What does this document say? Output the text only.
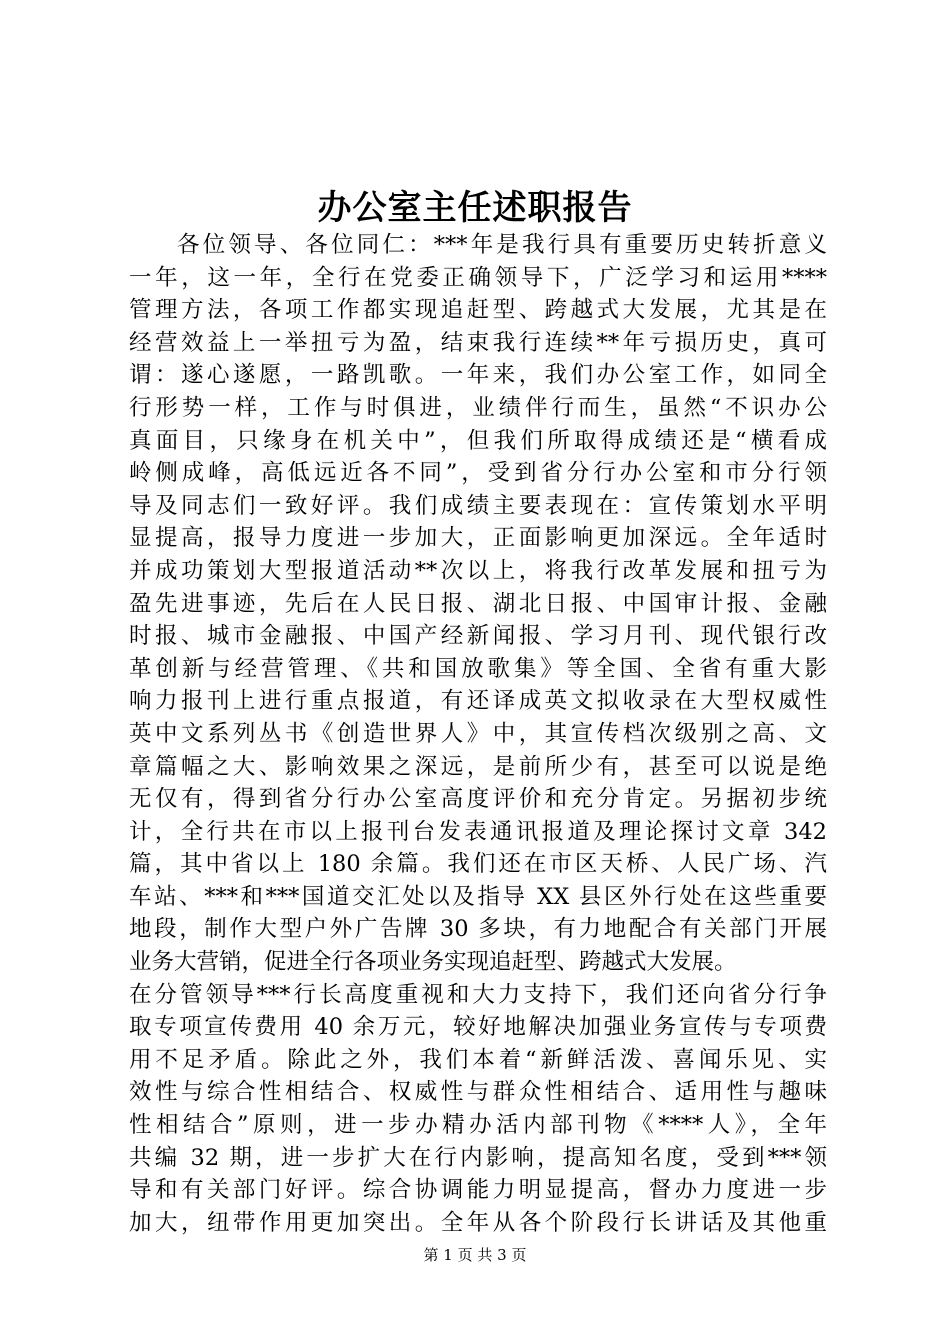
办公室主任述职报告
各位领导、各位同仁：***年是我行具有重要历史转折意义
一年，这一年，全行在党委正确领导下，广泛学习和运用****
管理方法，各项工作都实现追赶型、跨越式大发展，尤其是在
经营效益上一举扭亏为盈，结束我行连续**年亏损历史，真可
谓：遂心遂愿，一路凯歌。一年来，我们办公室工作，如同全
行形势一样，工作与时俱进，业绩伴行而生，虽然“不识办公
真面目，只缘身在机关中”，但我们所取得成绩还是“横看成
岭侧成峰，高低远近各不同”，受到省分行办公室和市分行领
导及同志们一致好评。我们成绩主要表现在：宣传策划水平明
显提高，报导力度进一步加大，正面影响更加深远。全年适时
并成功策划大型报道活动**次以上，将我行改革发展和扭亏为
盈先进事迹，先后在人民日报、湖北日报、中国审计报、金融
时报、城市金融报、中国产经新闻报、学习月刊、现代银行改
革创新与经营管理、《共和国放歌集》等全国、全省有重大影
响力报刊上进行重点报道，有还译成英文拟收录在大型权威性
英中文系列丛书《创造世界人》中，其宣传档次级别之高、文
章篇幅之大、影响效果之深远，是前所少有，甚至可以说是绝
无仅有，得到省分行办公室高度评价和充分肯定。另据初步统
计，全行共在市以上报刊台发表通讯报道及理论探讨文章 342
篇，其中省以上 180 余篇。我们还在市区天桥、人民广场、汽
车站、***和***国道交汇处以及指导 XX 县区外行处在这些重要
地段，制作大型户外广告牌 30 多块，有力地配合有关部门开展
业务大营销，促进全行各项业务实现追赶型、跨越式大发展。
在分管领导***行长高度重视和大力支持下，我们还向省分行争
取专项宣传费用 40 余万元，较好地解决加强业务宣传与专项费
用不足矛盾。除此之外，我们本着“新鲜活泼、喜闻乐见、实
效性与综合性相结合、权威性与群众性相结合、适用性与趣味
性相结合”原则，进一步办精办活内部刊物《****人》，全年
共编 32 期，进一步扩大在行内影响，提高知名度，受到***领
导和有关部门好评。综合协调能力明显提高，督办力度进一步
加大，纽带作用更加突出。全年从各个阶段行长讲话及其他重
第 1 页 共 3 页
